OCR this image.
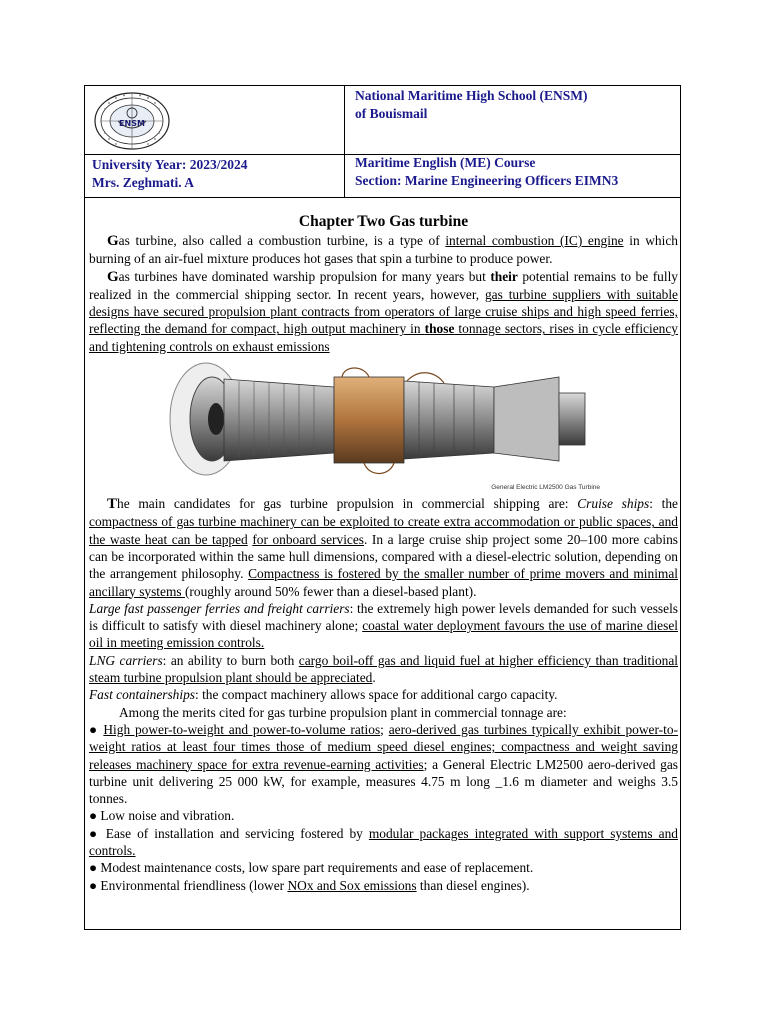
ENSM
National Maritime High School (ENSM)
of Bouismail
University Year: 2023/2024
Mrs. Zeghmati. A
Maritime English (ME) Course
Section: Marine Engineering Officers EIMN3

Chapter Two Gas turbine

Gas turbine, also called a combustion turbine, is a type of internal combustion (IC) engine in which burning of an air-fuel mixture produces hot gases that spin a turbine to produce power.

Gas turbines have dominated warship propulsion for many years but their potential remains to be fully realized in the commercial shipping sector. In recent years, however, gas turbine suppliers with suitable designs have secured propulsion plant contracts from operators of large cruise ships and high speed ferries, reflecting the demand for compact, high output machinery in those tonnage sectors, rises in cycle efficiency and tightening controls on exhaust emissions

General Electric LM2500 Gas Turbine

The main candidates for gas turbine propulsion in commercial shipping are: Cruise ships: the compactness of gas turbine machinery can be exploited to create extra accommodation or public spaces, and the waste heat can be tapped for onboard services. In a large cruise ship project some 20–100 more cabins can be incorporated within the same hull dimensions, compared with a diesel-electric solution, depending on the arrangement philosophy. Compactness is fostered by the smaller number of prime movers and minimal ancillary systems (roughly around 50% fewer than a diesel-based plant).

Large fast passenger ferries and freight carriers: the extremely high power levels demanded for such vessels is difficult to satisfy with diesel machinery alone; coastal water deployment favours the use of marine diesel oil in meeting emission controls.

LNG carriers: an ability to burn both cargo boil-off gas and liquid fuel at higher efficiency than traditional steam turbine propulsion plant should be appreciated.

Fast containerships: the compact machinery allows space for additional cargo capacity.

Among the merits cited for gas turbine propulsion plant in commercial tonnage are:

● High power-to-weight and power-to-volume ratios; aero-derived gas turbines typically exhibit power-to-weight ratios at least four times those of medium speed diesel engines; compactness and weight saving releases machinery space for extra revenue-earning activities; a General Electric LM2500 aero-derived gas turbine unit delivering 25 000 kW, for example, measures 4.75 m long _1.6 m diameter and weighs 3.5 tonnes.

● Low noise and vibration.

● Ease of installation and servicing fostered by modular packages integrated with support systems and controls.

● Modest maintenance costs, low spare part requirements and ease of replacement.

● Environmental friendliness (lower NOx and Sox emissions than diesel engines).
